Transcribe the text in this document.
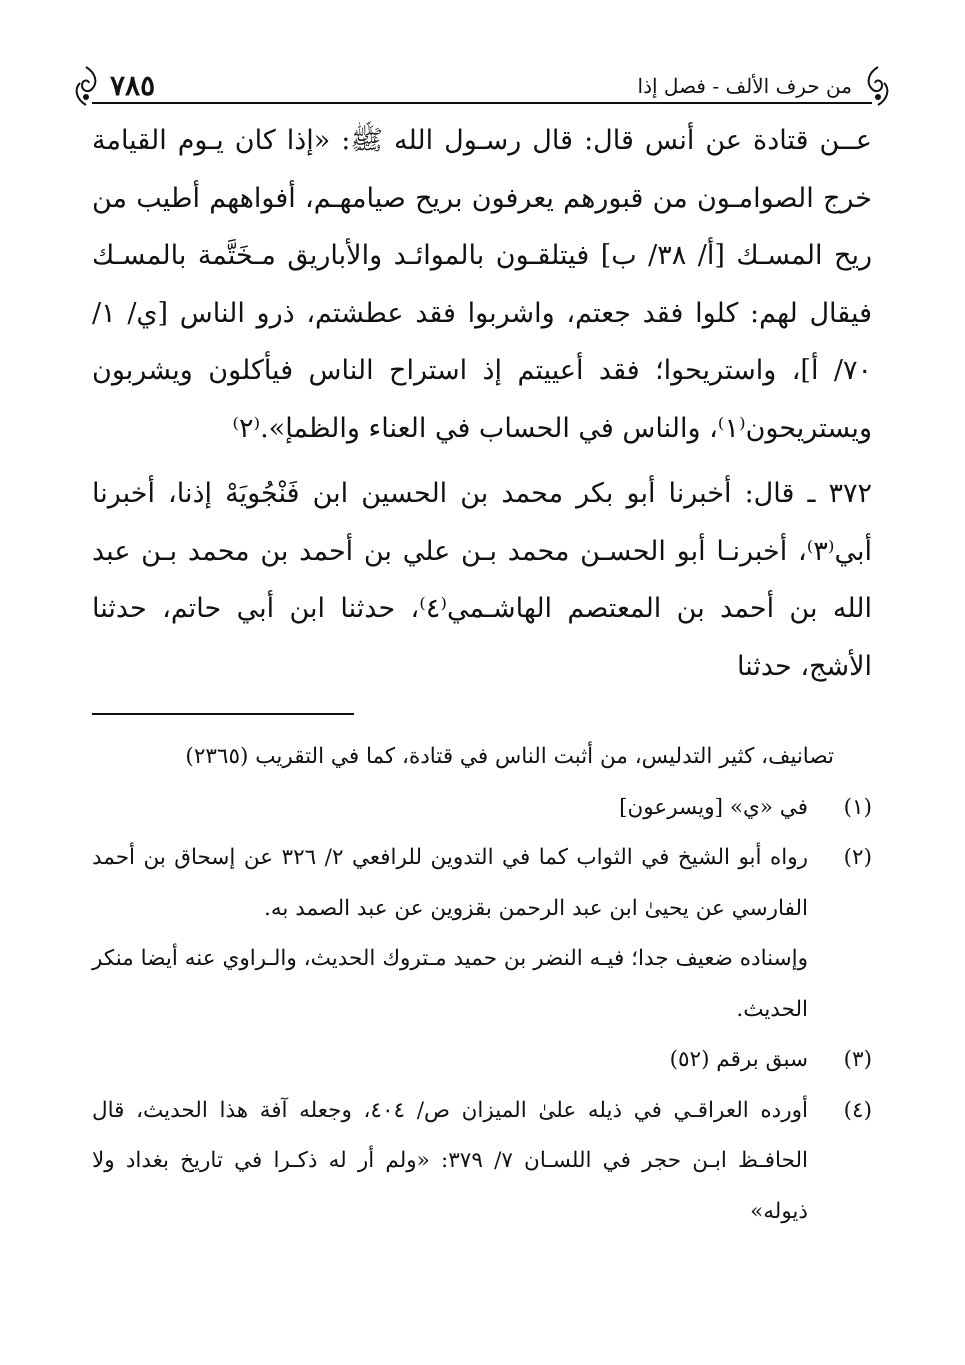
من حرف الألف - فصل إذا
٧٨٥

عــن قتادة عن أنس قال: قال رسـول الله ﷺ: «إذا كان يـوم القيامة خرج الصوامـون من قبورهم يعرفون بريح صيامهـم، أفواههم أطيب من ريح المسـك [أ/ ٣٨/ ب] فيتلقـون بالموائـد والأباريق مـخَتَّمة بالمسـك فيقال لهم: كلوا فقد جعتم، واشربوا فقد عطشتم، ذرو الناس [ي/ ١/ ٧٠/ أ]، واستريحوا؛ فقد أعييتم إذ استراح الناس فيأكلون ويشربون ويستريحون⁽١⁾، والناس في الحساب في العناء والظمإ».⁽٢⁾

٣٧٢ ـ قال: أخبرنا أبو بكر محمد بن الحسين ابن فَنْجُويَهْ إذنا، أخبرنا أبي⁽٣⁾، أخبرنـا أبو الحسـن محمد بـن علي بن أحمد بن محمد بـن عبد الله بن أحمد بن المعتصم الهاشـمي⁽٤⁾، حدثنا ابن أبي حاتم، حدثنا الأشج، حدثنا

تصانيف، كثير التدليس، من أثبت الناس في قتادة، كما في التقريب (٢٣٦٥)

(١)
في «ي» [ويسرعون]
(٢)
رواه أبو الشيخ في الثواب كما في التدوين للرافعي ٢/ ٣٢٦ عن إسحاق بن أحمد الفارسي عن يحيىٰ ابن عبد الرحمن بقزوين عن عبد الصمد به.

وإسناده ضعيف جدا؛ فيـه النضر بن حميد مـتروك الحديث، والـراوي عنه أيضا منكر الحديث.

(٣)
سبق برقم (٥٢)
(٤)
أورده العراقـي في ذيله علىٰ الميزان ص/ ٤٠٤، وجعله آفة هذا الحديث، قال الحافـظ ابـن حجر في اللسـان ٧/ ٣٧٩: «ولم أر له ذكـرا في تاريخ بغداد ولا ذيوله»
